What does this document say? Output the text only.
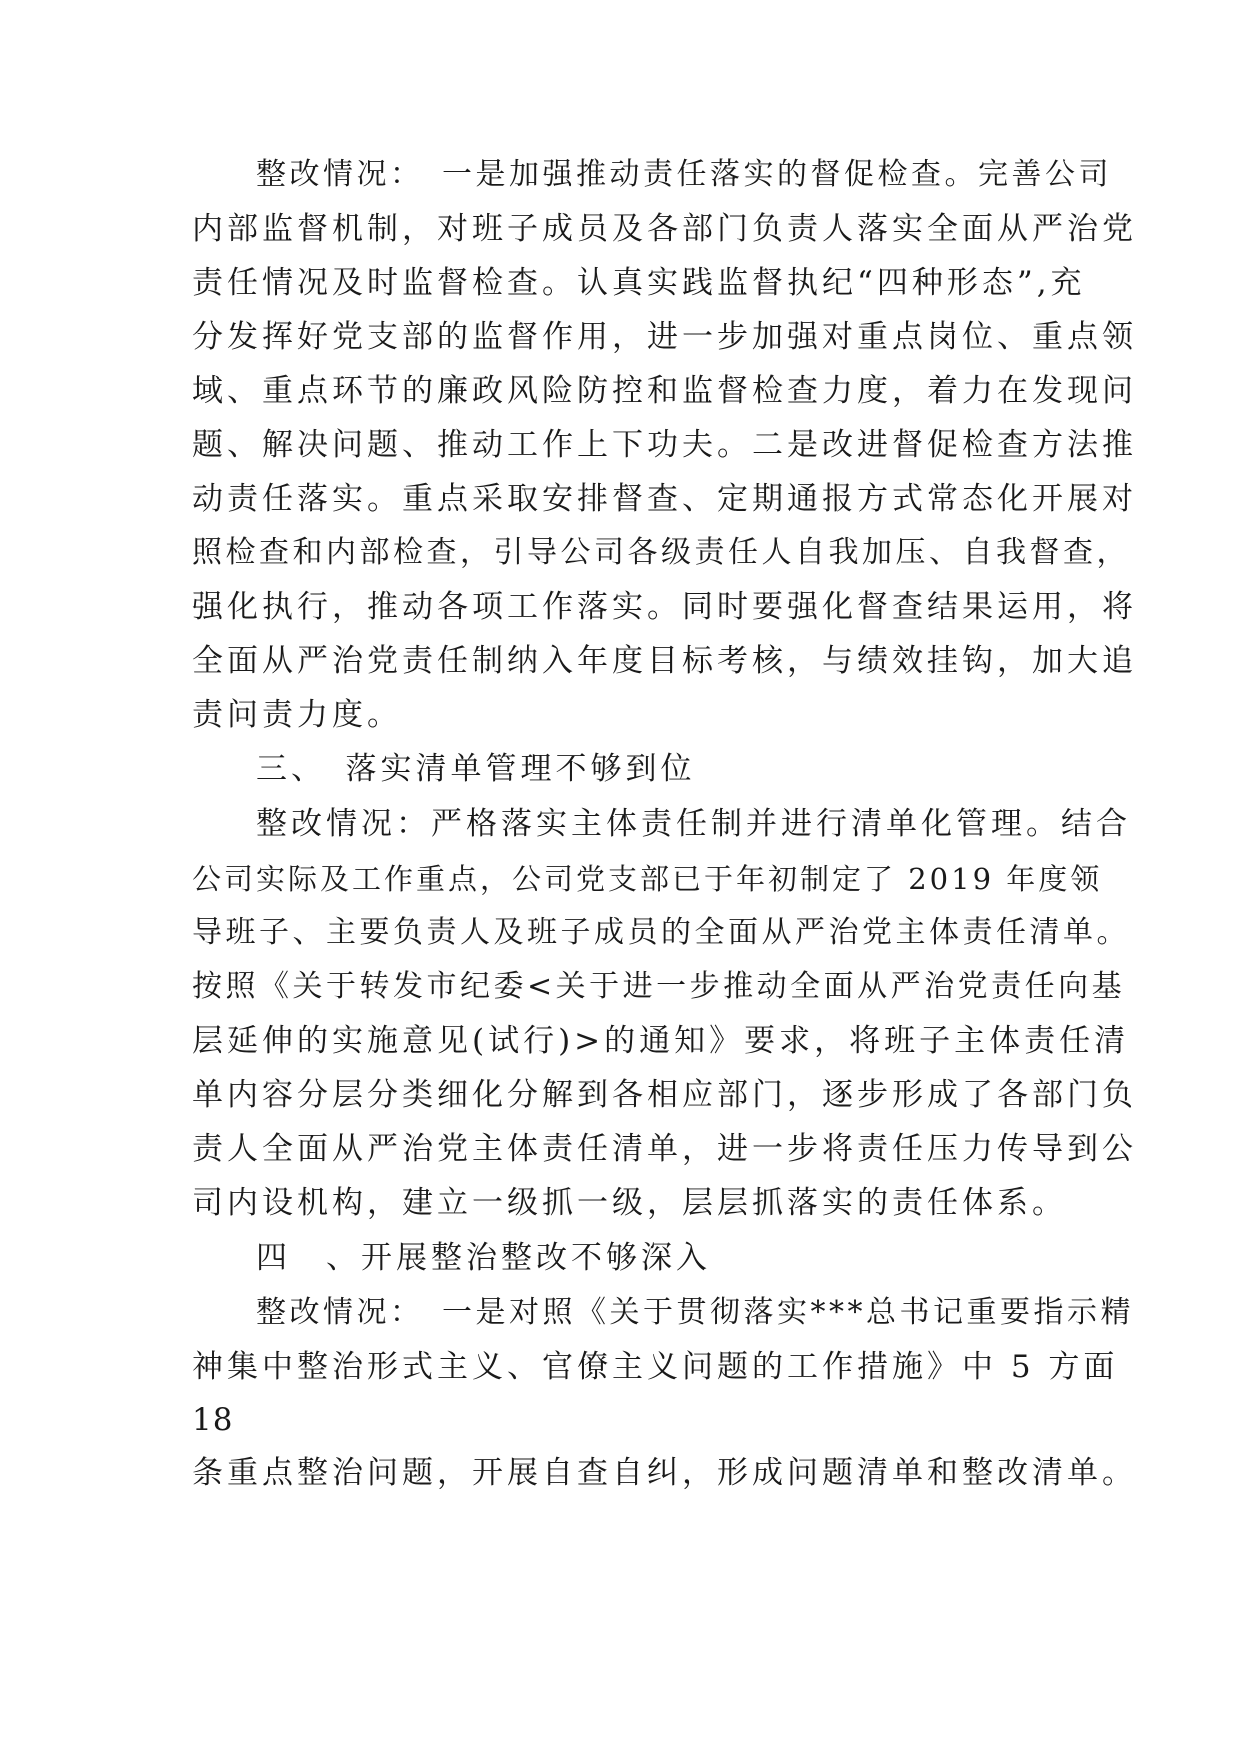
整改情况：　一是加强推动责任落实的督促检查。完善公司
内部监督机制，对班子成员及各部门负责人落实全面从严治党
责任情况及时监督检查。认真实践监督执纪“四种形态”,充
分发挥好党支部的监督作用，进一步加强对重点岗位、重点领
域、重点环节的廉政风险防控和监督检查力度，着力在发现问
题、解决问题、推动工作上下功夫。二是改进督促检查方法推
动责任落实。重点采取安排督查、定期通报方式常态化开展对
照检查和内部检查，引导公司各级责任人自我加压、自我督查，
强化执行，推动各项工作落实。同时要强化督查结果运用，将
全面从严治党责任制纳入年度目标考核，与绩效挂钩，加大追
责问责力度。
三、　落实清单管理不够到位
整改情况：严格落实主体责任制并进行清单化管理。结合
公司实际及工作重点，公司党支部已于年初制定了 2019 年度领
导班子、主要负责人及班子成员的全面从严治党主体责任清单。
按照《关于转发市纪委<关于进一步推动全面从严治党责任向基
层延伸的实施意见(试行)>的通知》要求，将班子主体责任清
单内容分层分类细化分解到各相应部门，逐步形成了各部门负
责人全面从严治党主体责任清单，进一步将责任压力传导到公
司内设机构，建立一级抓一级，层层抓落实的责任体系。
四　、开展整治整改不够深入
整改情况：　一是对照《关于贯彻落实***总书记重要指示精
神集中整治形式主义、官僚主义问题的工作措施》中 5 方面
18
条重点整治问题，开展自查自纠，形成问题清单和整改清单。
